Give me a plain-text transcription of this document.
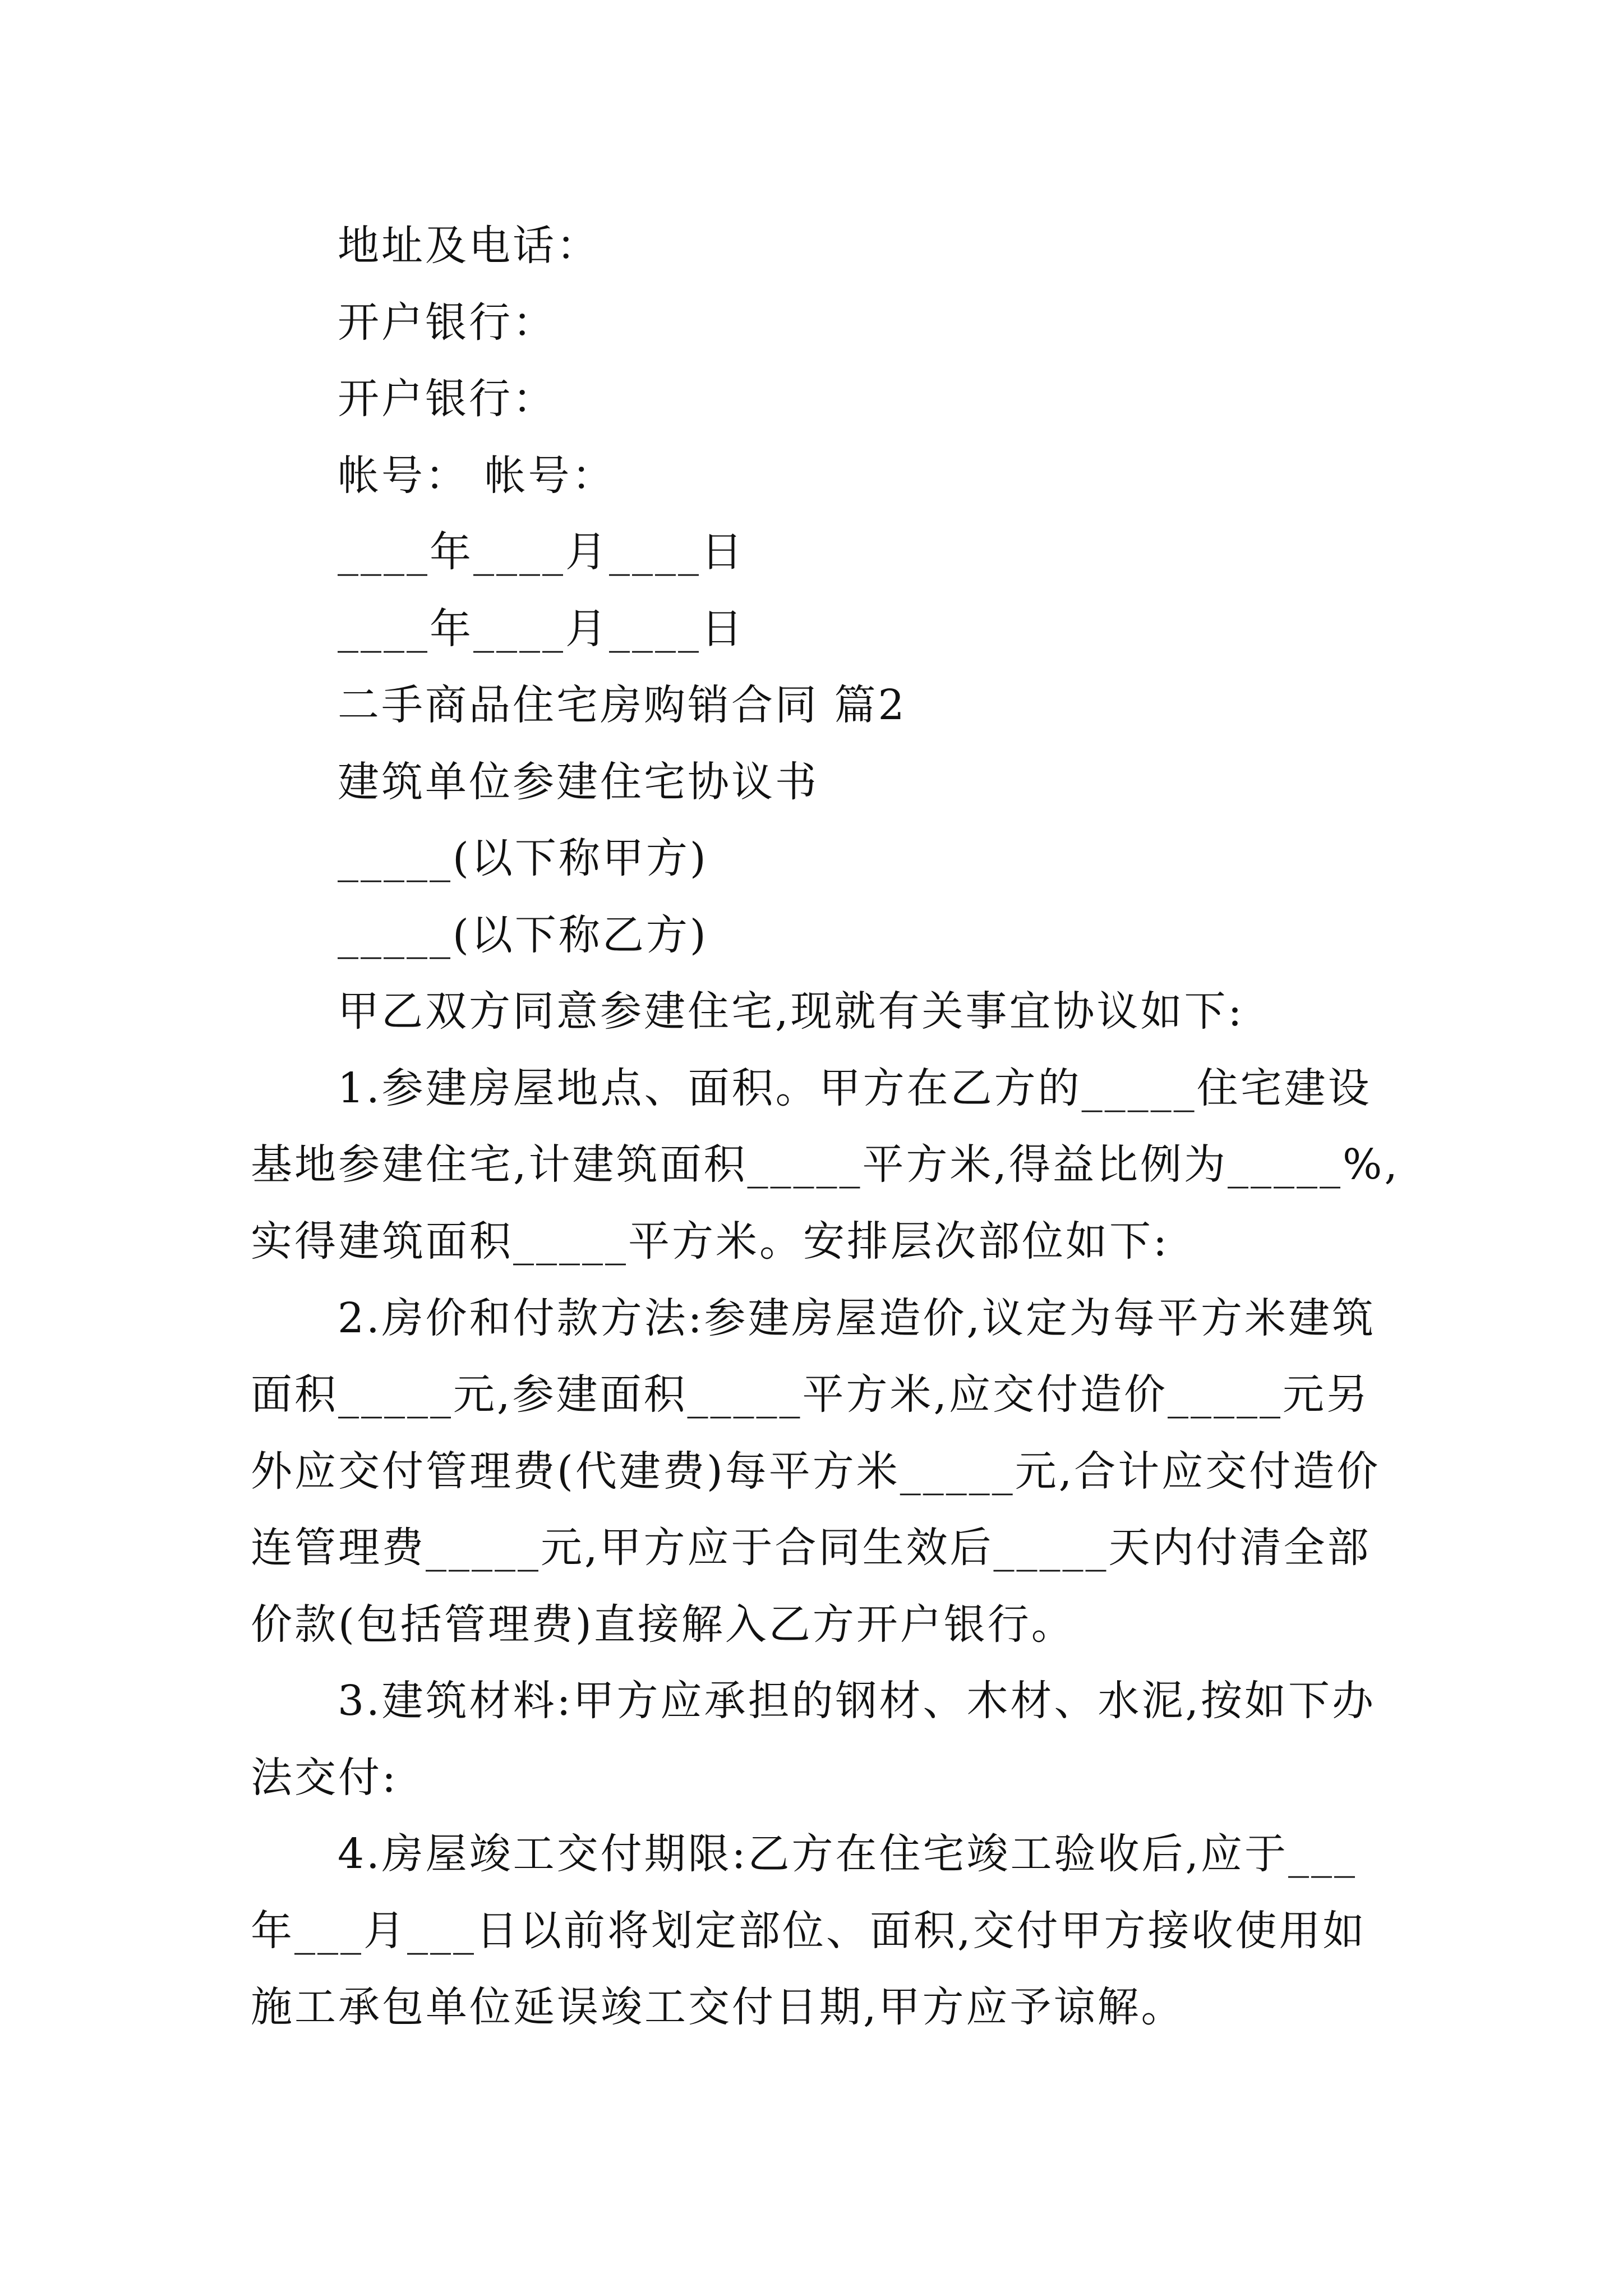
地址及电话：
开户银行：
开户银行：
帐号： 帐号：
____年____月____日
____年____月____日
二手商品住宅房购销合同 篇2
建筑单位参建住宅协议书
_____(以下称甲方)
_____(以下称乙方)
甲乙双方同意参建住宅,现就有关事宜协议如下:
1.参建房屋地点、面积。甲方在乙方的_____住宅建设
基地参建住宅,计建筑面积_____平方米,得益比例为_____%,
实得建筑面积_____平方米。安排层次部位如下:
2.房价和付款方法:参建房屋造价,议定为每平方米建筑
面积_____元,参建面积_____平方米,应交付造价_____元另
外应交付管理费(代建费)每平方米_____元,合计应交付造价
连管理费_____元,甲方应于合同生效后_____天内付清全部
价款(包括管理费)直接解入乙方开户银行。
3.建筑材料:甲方应承担的钢材、木材、水泥,按如下办
法交付:
4.房屋竣工交付期限:乙方在住宅竣工验收后,应于___
年___月___日以前将划定部位、面积,交付甲方接收使用如
施工承包单位延误竣工交付日期,甲方应予谅解。
